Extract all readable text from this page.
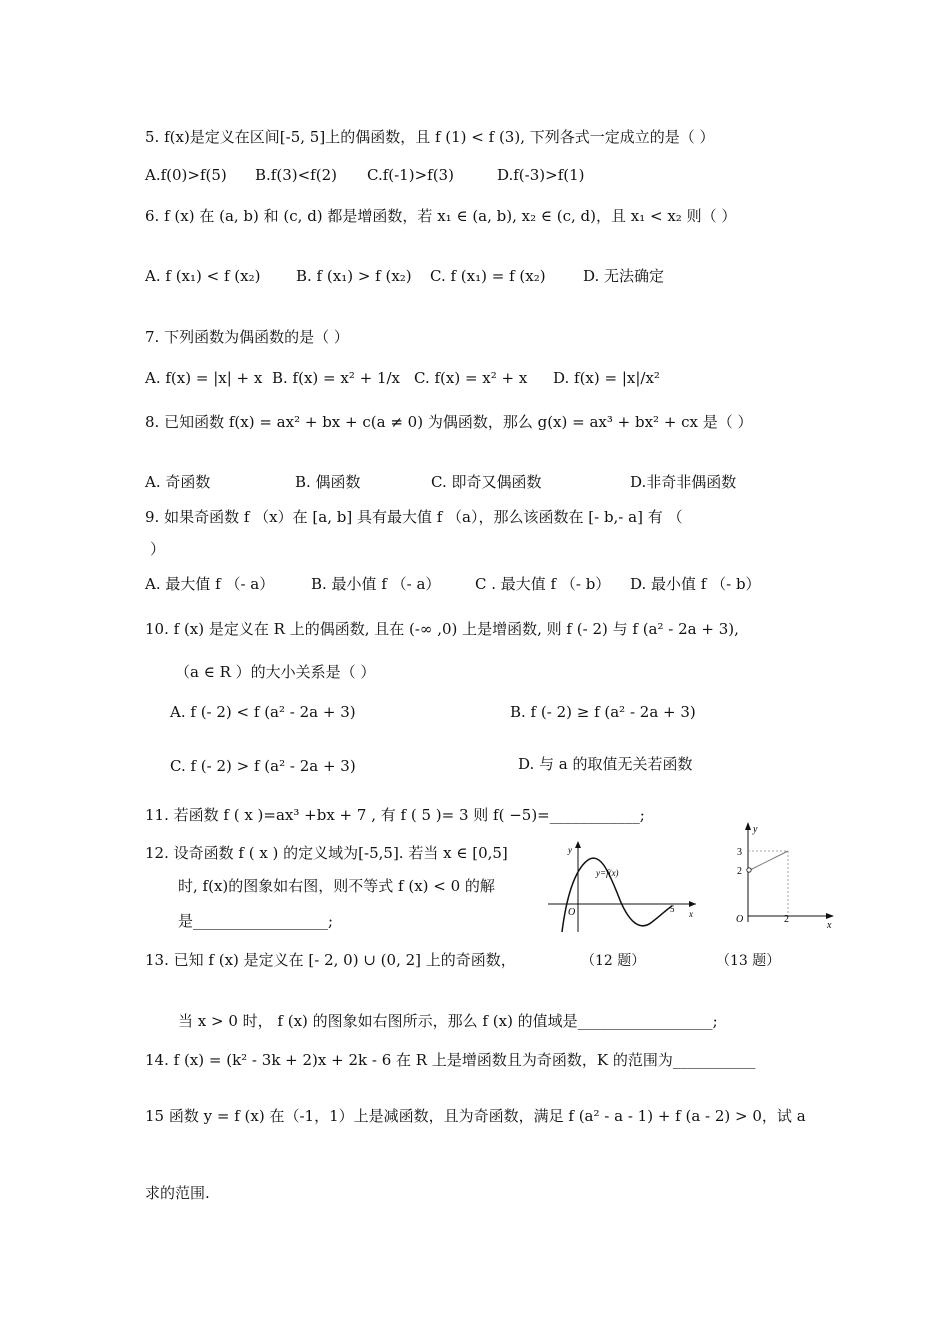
5. f(x)是定义在区间[-5, 5]上的偶函数，且 f (1) < f (3), 下列各式一定成立的是（ ）
A.f(0)>f(5) B.f(3)<f(2) C.f(-1)>f(3)	D.f(-3)>f(1)
6. f (x) 在 (a, b) 和 (c, d) 都是增函数，若 x₁ ∈ (a, b), x₂ ∈ (c, d)，且 x₁ < x₂ 则（ ）
A. f (x₁) < f (x₂) B. f (x₁) > f (x₂) C. f (x₁) = f (x₂) D. 无法确定
7. 下列函数为偶函数的是（ ）
A. f(x) = |x| + x B. f(x) = x² + 1/x C. f(x) = x² + x D. f(x) = |x|/x²
8. 已知函数 f(x) = ax² + bx + c(a ≠ 0) 为偶函数，那么 g(x) = ax³ + bx² + cx 是（ ）
A. 奇函数	B. 偶函数	C. 即奇又偶函数	D.非奇非偶函数
9. 如果奇函数 f （x）在 [a, b] 具有最大值 f （a），那么该函数在 [- b,- a] 有 （
）
A. 最大值 f （- a） B. 最小值 f （- a） C . 最大值 f （- b） D. 最小值 f （- b）
10. f (x) 是定义在 R 上的偶函数, 且在 (-∞ ,0) 上是增函数, 则 f (- 2) 与 f (a² - 2a + 3),
（a ∈ R ）的大小关系是（ ）
A. f (- 2) < f (a² - 2a + 3)	B. f (- 2) ≥ f (a² - 2a + 3)
C. f (- 2) > f (a² - 2a + 3)	D. 与 a 的取值无关若函数
11. 若函数 f ( x )=ax³ +bx + 7 , 有 f ( 5 )= 3 则 f( −5)=____________;
12. 设奇函数 f ( x ) 的定义域为[-5,5]. 若当 x ∈ [0,5]
时, f(x)的图象如右图，则不等式 f (x) < 0 的解
是__________________;
y=f(x)
y
x
O	5
y
x
O
3
2
2
13. 已知 f (x) 是定义在 [- 2, 0) ∪ (0, 2] 上的奇函数，	（12 题）	（13 题）
当 x > 0 时， f (x) 的图象如右图所示，那么 f (x) 的值域是__________________;
14. f (x) = (k² - 3k + 2)x + 2k - 6 在 R 上是增函数且为奇函数，K 的范围为___________
15 函数 y = f (x) 在（-1，1）上是减函数，且为奇函数，满足 f (a² - a - 1) + f (a - 2) > 0，试 a
求的范围.
